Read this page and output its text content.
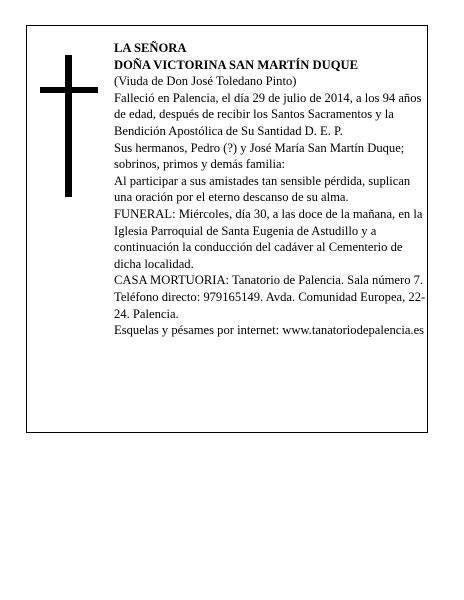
LA SEÑORA

DOÑA VICTORINA SAN MARTÍN DUQUE

(Viuda de Don José Toledano Pinto)

Falleció en Palencia, el día 29 de julio de 2014, a los 94 años de edad, después de recibir los Santos Sacramentos y la Bendición Apostólica de Su Santidad D. E. P.

Sus hermanos, Pedro (?) y José María San Martín Duque; sobrinos, primos y demás familia:

Al participar a sus amistades tan sensible pérdida, suplican una oración por el eterno descanso de su alma.

FUNERAL: Miércoles, día 30, a las doce de la mañana, en la Iglesia Parroquial de Santa Eugenia de Astudillo y a continuación la conducción del cadáver al Cementerio de dicha localidad.

CASA MORTUORIA: Tanatorio de Palencia. Sala número 7. Teléfono directo: 979165149. Avda. Comunidad Europea, 22-24. Palencia.

Esquelas y pésames por internet: www.tanatoriodepalencia.es
